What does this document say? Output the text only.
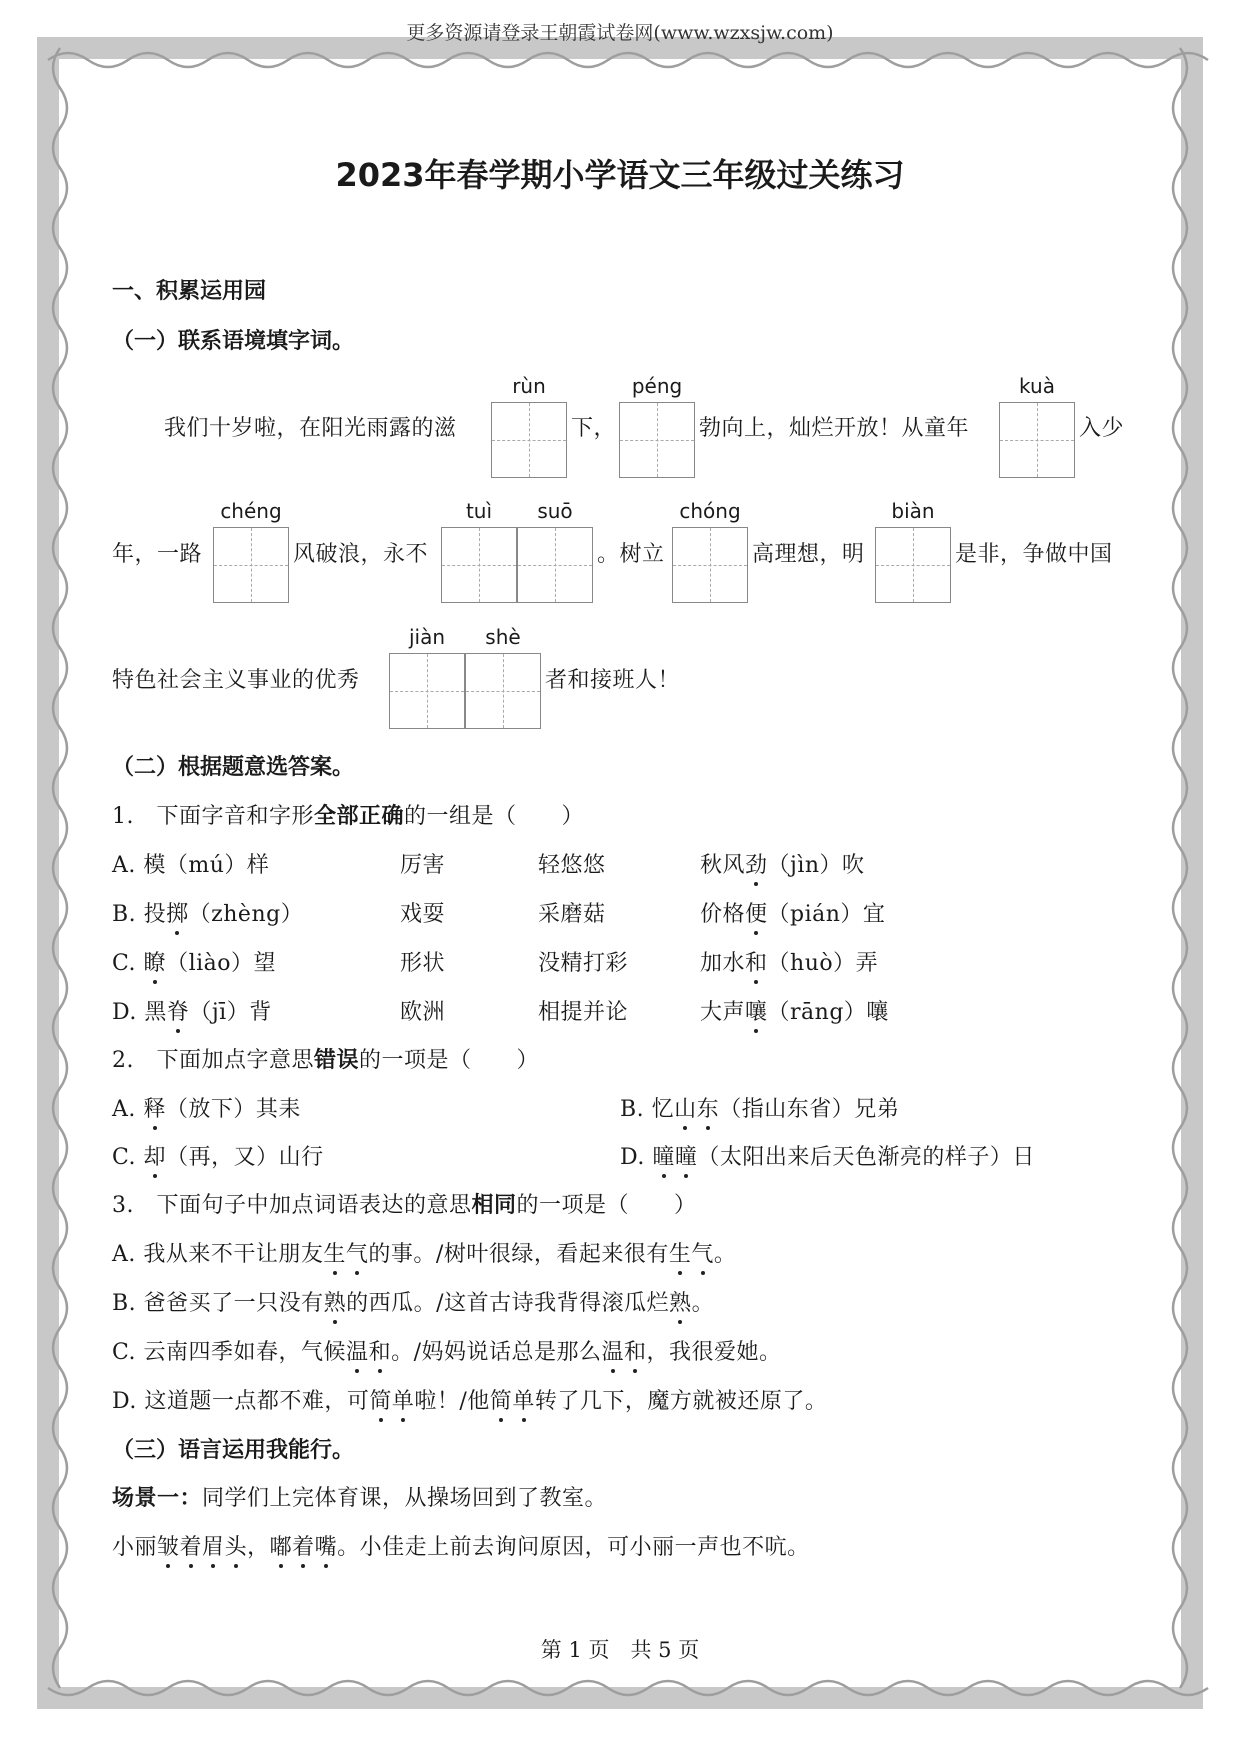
更多资源请登录王朝霞试卷网(www.wzxsjw.com)
2023年春学期小学语文三年级过关练习
一、积累运用园
（一）联系语境填字词。
rùn	péng	kuà
我们十岁啦，在阳光雨露的滋	下，	勃向上，灿烂开放！从童年	入少
chéng	tuì	suō	chóng	biàn
年，一路	风破浪，永不	。树立	高理想，明	是非，争做中国
jiàn	shè
特色社会主义事业的优秀	者和接班人！
（二）根据题意选答案。
1.　下面字音和字形全部正确的一组是（　　）
A. 模（mú）样	厉害	轻悠悠	秋风劲（jìn）吹
B. 投掷（zhèng）	戏耍	采磨菇	价格便（pián）宜
C. 瞭（liào）望	形状	没精打彩	加水和（huò）弄
D. 黑脊（jī）背	欧洲	相提并论	大声嚷（rāng）嚷
2.　下面加点字意思错误的一项是（　　）
A. 释（放下）其耒	B. 忆山东（指山东省）兄弟
C. 却（再，又）山行	D. 曈曈（太阳出来后天色渐亮的样子）日
3.　下面句子中加点词语表达的意思相同的一项是（　　）
A. 我从来不干让朋友生气的事。/树叶很绿，看起来很有生气。
B. 爸爸买了一只没有熟的西瓜。/这首古诗我背得滚瓜烂熟。
C. 云南四季如春，气候温和。/妈妈说话总是那么温和，我很爱她。
D. 这道题一点都不难，可简单啦！/他简单转了几下，魔方就被还原了。
（三）语言运用我能行。
场景一：同学们上完体育课，从操场回到了教室。
小丽皱着眉头，嘟着嘴。小佳走上前去询问原因，可小丽一声也不吭。
第 1 页　共 5 页
